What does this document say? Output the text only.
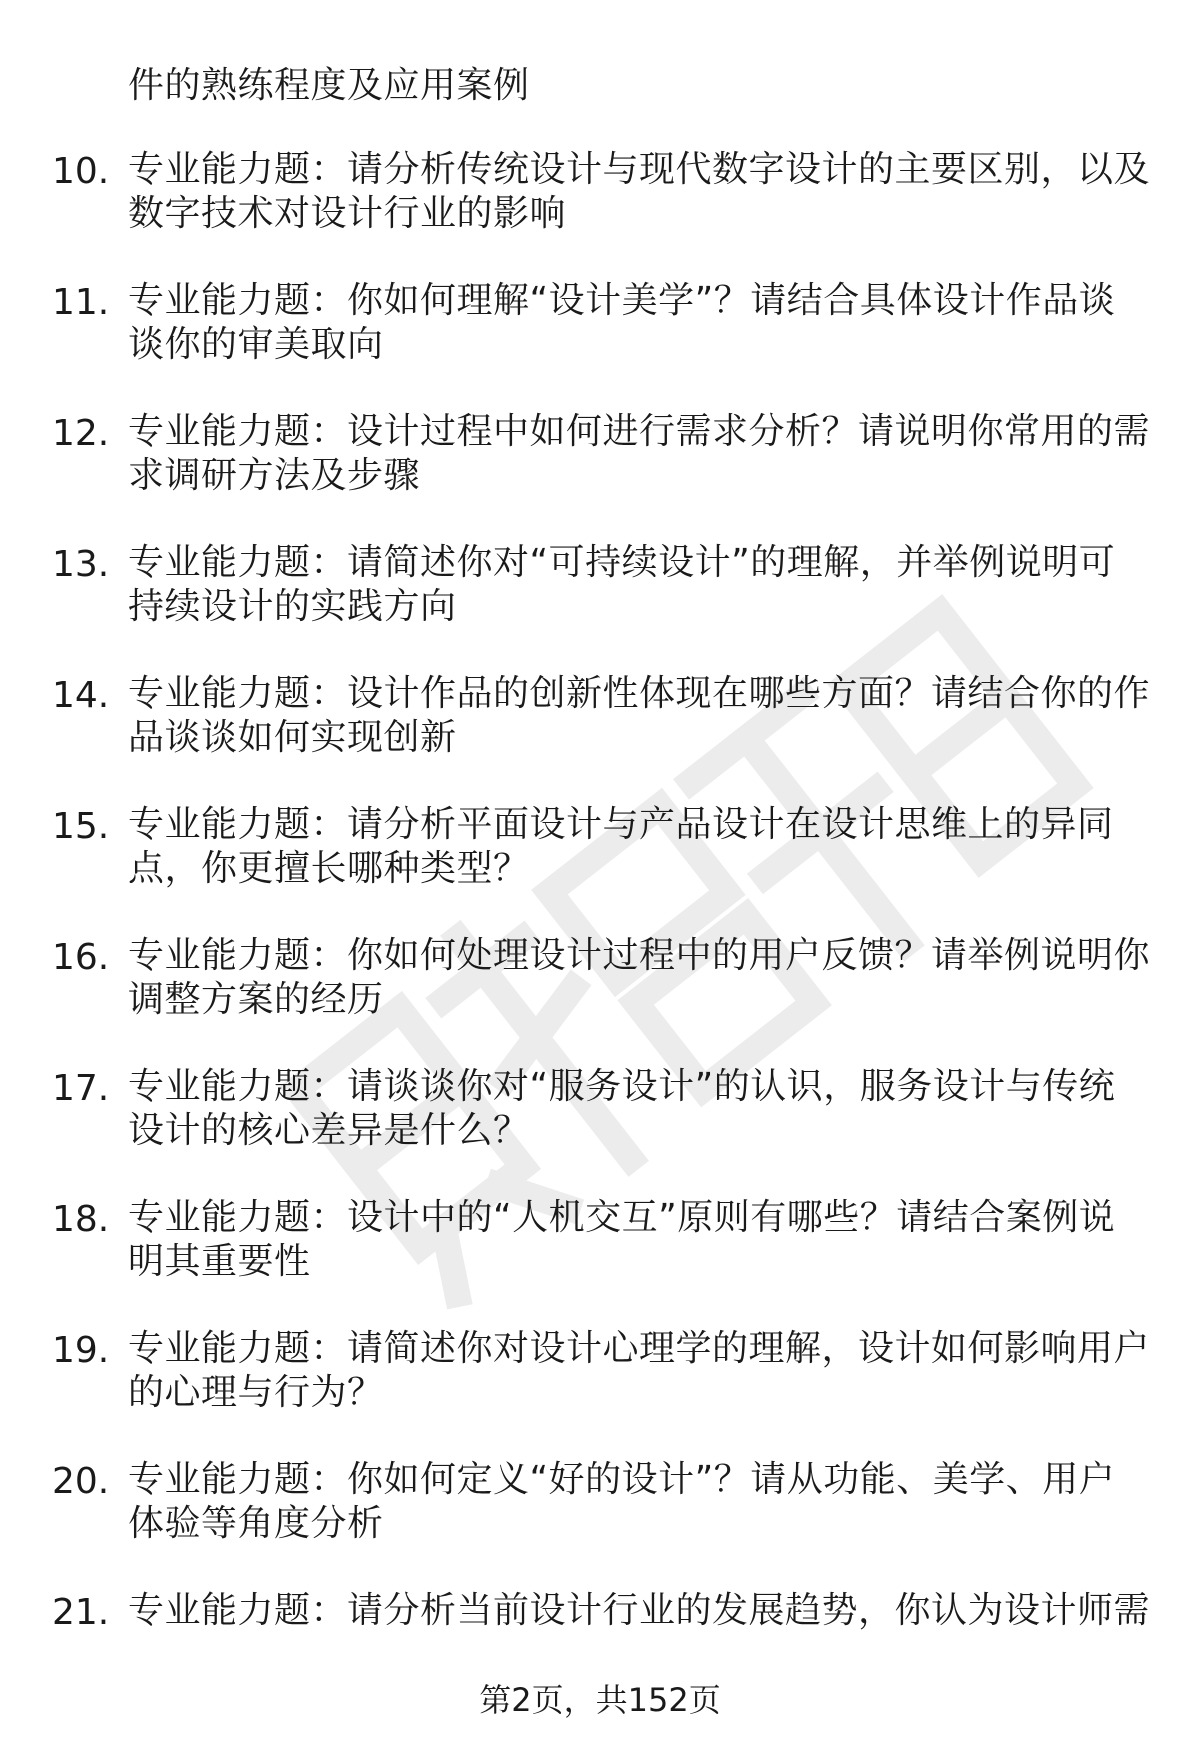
件的熟练程度及应用案例
10. 专业能力题：请分析传统设计与现代数字设计的主要区别，以及
数字技术对设计行业的影响
11. 专业能力题：你如何理解“设计美学”？请结合具体设计作品谈
谈你的审美取向
12. 专业能力题：设计过程中如何进行需求分析？请说明你常用的需
求调研方法及步骤
13. 专业能力题：请简述你对“可持续设计”的理解，并举例说明可
持续设计的实践方向
14. 专业能力题：设计作品的创新性体现在哪些方面？请结合你的作
品谈谈如何实现创新
15. 专业能力题：请分析平面设计与产品设计在设计思维上的异同
点，你更擅长哪种类型？
16. 专业能力题：你如何处理设计过程中的用户反馈？请举例说明你
调整方案的经历
17. 专业能力题：请谈谈你对“服务设计”的认识，服务设计与传统
设计的核心差异是什么？
18. 专业能力题：设计中的“人机交互”原则有哪些？请结合案例说
明其重要性
19. 专业能力题：请简述你对设计心理学的理解，设计如何影响用户
的心理与行为？
20. 专业能力题：你如何定义“好的设计”？请从功能、美学、用户
体验等角度分析
21. 专业能力题：请分析当前设计行业的发展趋势，你认为设计师需
第2页，共152页
